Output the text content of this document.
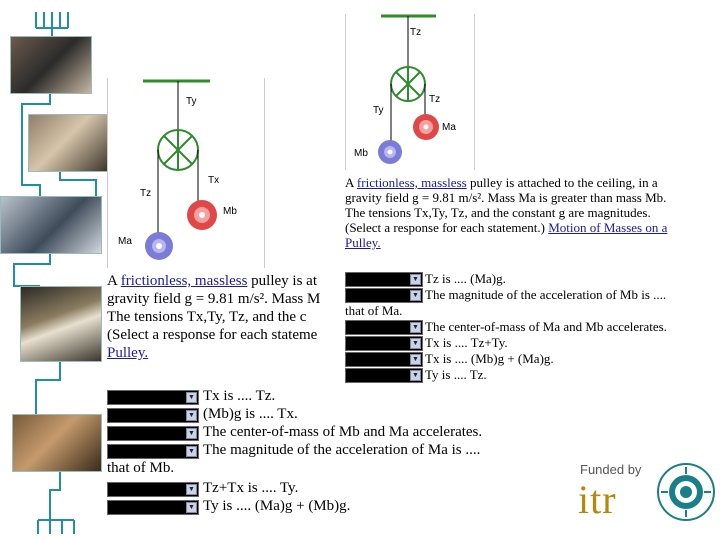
Ty
Tx
Tz
Mb
Ma
Tz
Tz
Ty
Ma
Mb
A frictionless, massless pulley is attached to the ceiling, in a
gravity field g = 9.81 m/s². Mass Ma is greater than mass Mb.
The tensions Tx,Ty, Tz, and the constant g are magnitudes.
(Select a response for each statement.) Motion of Masses on a
Pulley.
A frictionless, massless pulley is at
gravity field g = 9.81 m/s². Mass M
The tensions Tx,Ty, Tz, and the c
(Select a response for each stateme
Pulley.
▼ Tz is .... (Ma)g.
▼ The magnitude of the acceleration of Mb is ....
that of Ma.
▼ The center-of-mass of Ma and Mb accelerates.
▼ Tx is .... Tz+Ty.
▼ Tx is .... (Mb)g + (Ma)g.
▼ Ty is .... Tz.
▼ Tx is .... Tz.
▼ (Mb)g is .... Tx.
▼ The center-of-mass of Mb and Ma accelerates.
▼ The magnitude of the acceleration of Ma is ....
that of Mb.
▼ Tz+Tx is .... Ty.
▼ Ty is .... (Ma)g + (Mb)g.
Funded by
itr
